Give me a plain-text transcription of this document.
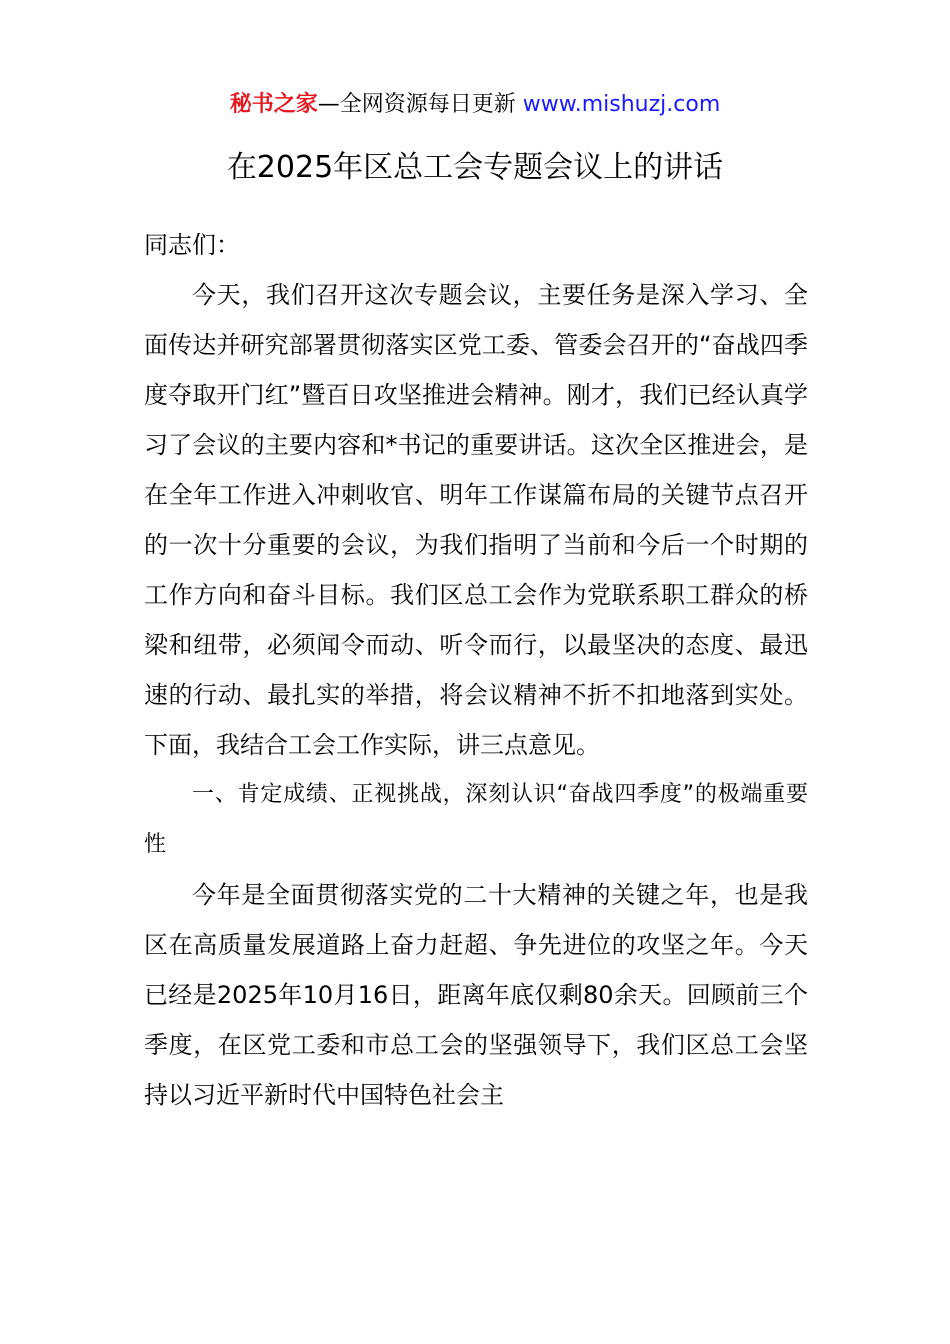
秘书之家—全网资源每日更新 www.mishuzj.com
在2025年区总工会专题会议上的讲话

同志们：

今天，我们召开这次专题会议，主要任务是深入学习、全面传达并研究部署贯彻落实区党工委、管委会召开的“奋战四季度夺取开门红”暨百日攻坚推进会精神。刚才，我们已经认真学习了会议的主要内容和*书记的重要讲话。这次全区推进会，是在全年工作进入冲刺收官、明年工作谋篇布局的关键节点召开的一次十分重要的会议，为我们指明了当前和今后一个时期的工作方向和奋斗目标。我们区总工会作为党联系职工群众的桥梁和纽带，必须闻令而动、听令而行，以最坚决的态度、最迅速的行动、最扎实的举措，将会议精神不折不扣地落到实处。下面，我结合工会工作实际，讲三点意见。

一、肯定成绩、正视挑战，深刻认识“奋战四季度”的极端重要性

今年是全面贯彻落实党的二十大精神的关键之年，也是我区在高质量发展道路上奋力赶超、争先进位的攻坚之年。今天已经是2025年10月16日，距离年底仅剩80余天。回顾前三个季度，在区党工委和市总工会的坚强领导下，我们区总工会坚持以习近平新时代中国特色社会主
